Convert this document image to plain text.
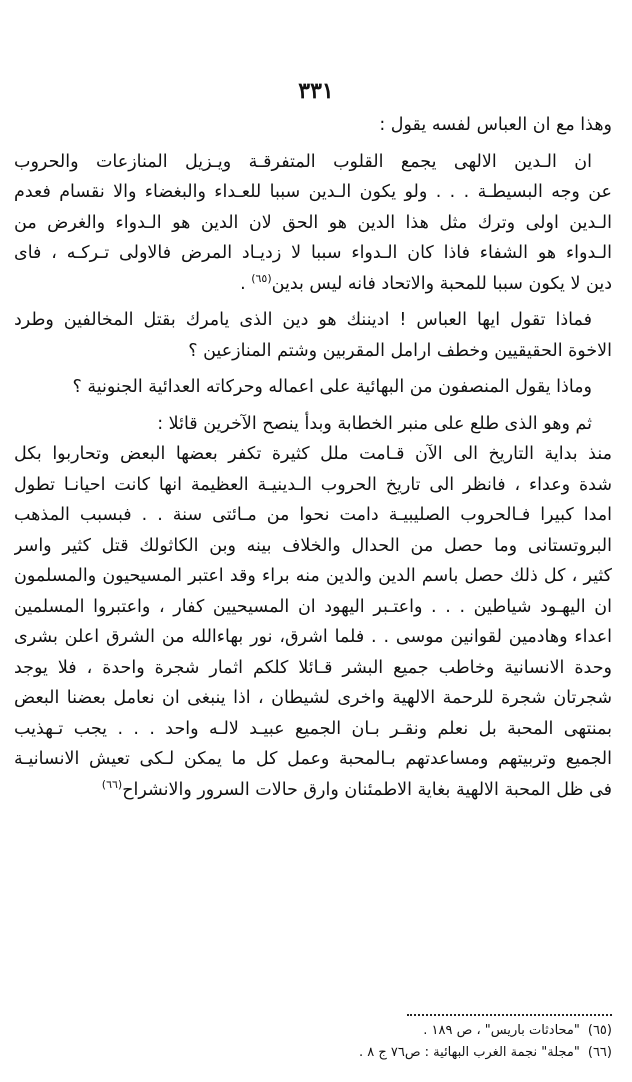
٣٣١
وهذا مع ان العباس لفسه يقول :
ان الـدين الالهى يجمع القلوب المتفرقـة ويـزيل المنازعات والحروب
عن وجه البسيطـة . . . ولو يكون الـدين سببا للعـداء والبغضاء والا نقسام فعدم
الـدين اولى وترك مثل هذا الدين هو الحق لان الدين هو الـدواء والغرض من
الـدواء هو الشفاء فاذا كان الـدواء سببا لا زديـاد المرض فالاولى تـركـه ، فاى
دين لا يكون سببا للمحبة والاتحاد فانه ليس بدين$^{(٦٥)}$ .
فماذا تقول ايها العباس ! اديننك هو دين الذى يامرك بقتل المخالفين وطرد
الاخوة الحقيقيين وخطف ارامل المقربين وشتم المنازعين ؟
وماذا يقول المنصفون من البهائية على اعماله وحركاته العدائية الجنونية ؟
ثم وهو الذى طلع على منبر الخطابة وبدأ ينصح الآخرين قائلا :
منذ بداية التاريخ الى الآن قـامت ملل كثيرة تكفر بعضها البعض وتحاربوا بكل
شدة وعداء ، فانظر الى تاريخ الحروب الـدينيـة العظيمة انها كانت احيانـا تطول
امدا كبيرا فـالحروب الصليبيـة دامت نحوا من مـائتى سنة . . فبسبب المذهب
البروتستانى وما حصل من الحدال والخلاف بينه وبن الكاثولك قتل كثير واسر
كثير ، كل ذلك حصل باسم الدين والدين منه براء وقد اعتبر المسيحيون والمسلمون
ان اليهـود شياطين . . . واعتـبر اليهود ان المسيحيين كفار ، واعتبروا المسلمين
اعداء وهادمين لقوانين موسى . . فلما اشرق، نور بهاءالله من الشرق اعلن بشرى
وحدة الانسانية وخاطب جميع البشر قـائلا كلكم اثمار شجرة واحدة ، فلا يوجد
شجرتان شجرة للرحمة الالهية واخرى لشيطان ، اذا ينبغى ان نعامل بعضنا البعض
بمنتهى المحبة بل نعلم ونقـر بـان الجميع عبيـد لالـه واحد . . . يجب تـهذيب
الجميع وتربيتهم ومساعدتهم بـالمحبة وعمل كل ما يمكن لـكى تعيش الانسانيـة
فى ظل المحبة الالهية بغاية الاطمئنان وارق حالات السرور والانشراح$^{(٦٦)}$
(٦٥)"محادثات باريس" ، ص ١٨٩ .
(٦٦)"مجلة" نجمة الغرب البهائية : ص٧٦ ج ٨ .
